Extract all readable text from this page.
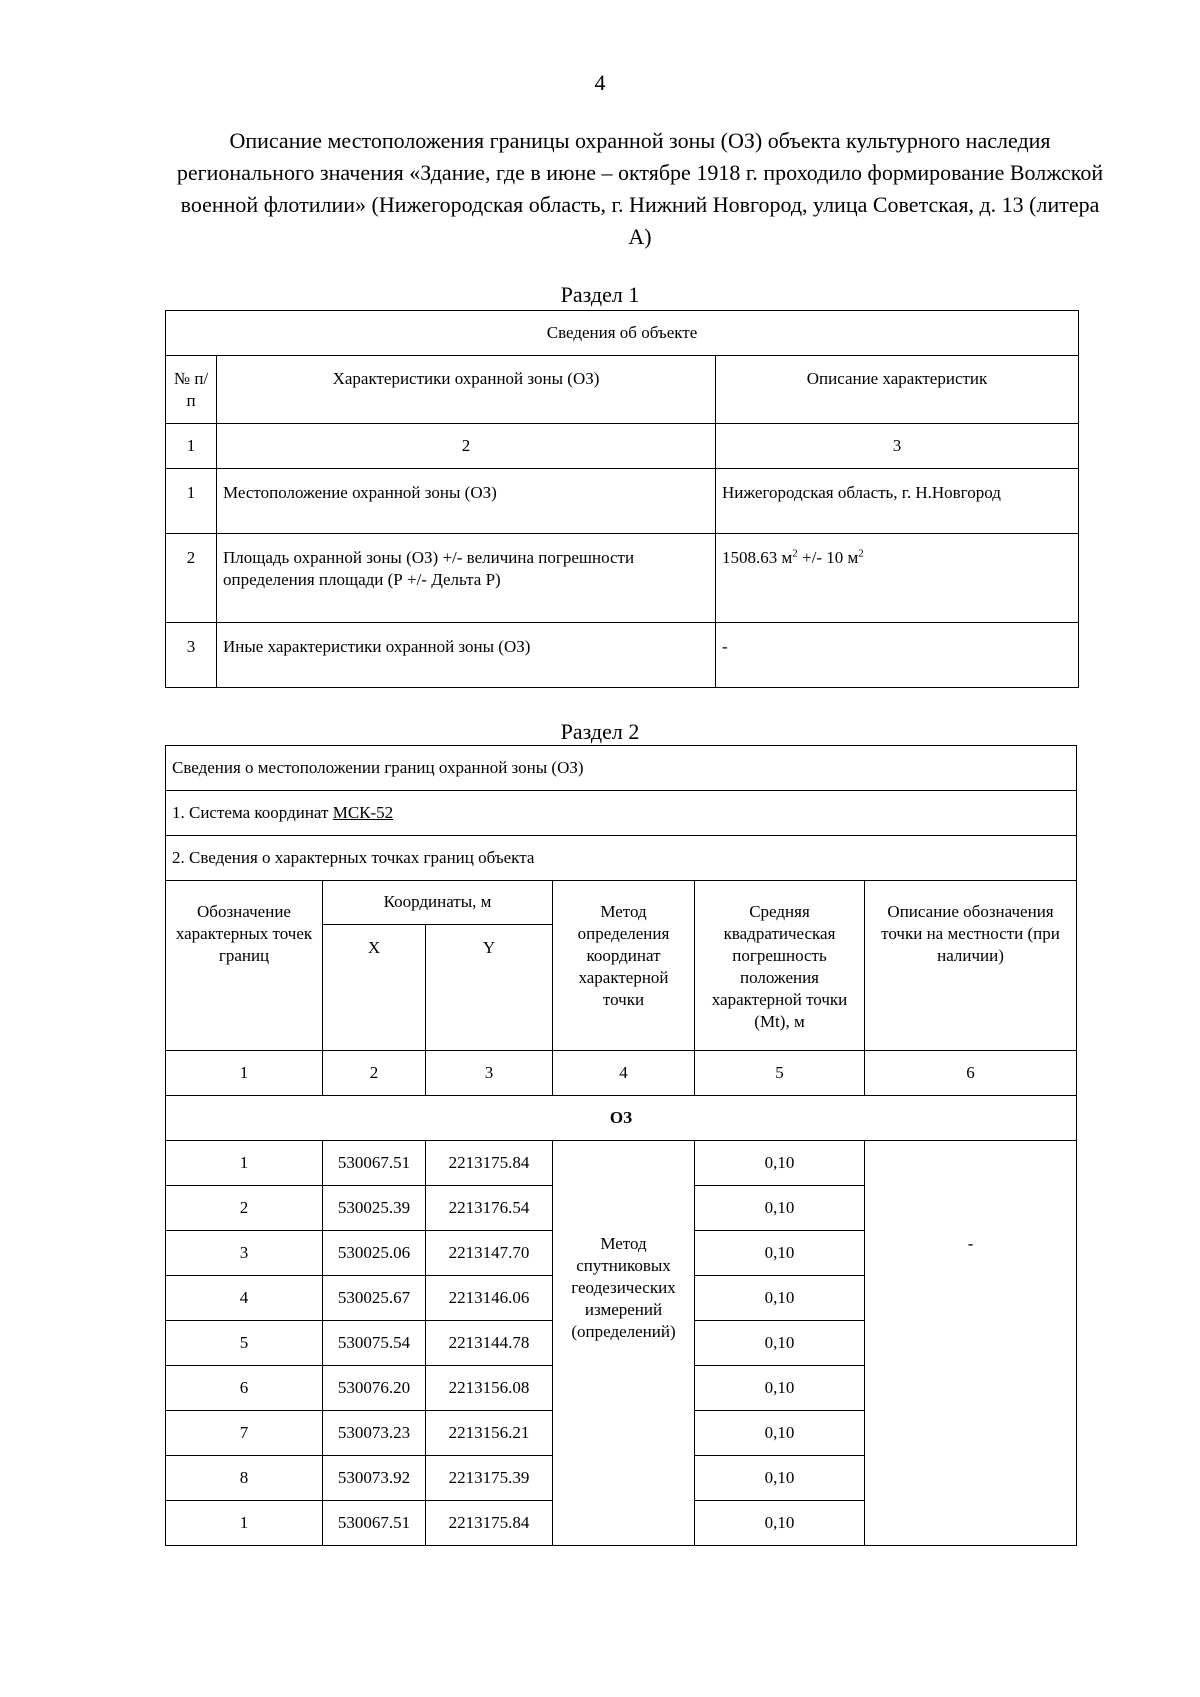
4
Описание местоположения границы охранной зоны (ОЗ) объекта культурного наследия регионального значения «Здание, где в июне – октябре 1918 г. проходило формирование Волжской военной флотилии» (Нижегородская область, г. Нижний Новгород, улица Советская, д. 13 (литера А)
Раздел 1
Сведения об объекте		
№ п/п	Характеристики охранной зоны (ОЗ)	Описание характеристик
1	2	3
1	Местоположение охранной зоны (ОЗ)	Нижегородская область, г. Н.Новгород
2	Площадь охранной зоны (ОЗ) +/- величина погрешности определения площади (Р +/- Дельта Р)	1508.63 $м^2$ +/- 10 $м^2$
3	Иные характеристики охранной зоны (ОЗ)	-
Раздел 2
Сведения о местоположении границ охранной зоны (ОЗ)					
1. Система координат МСК-52					
2. Сведения о характерных точках границ объекта					
Обозначение характерных точек границ	Координаты, м		Метод определения координат характерной точки	Средняя квадратическая погрешность положения характерной точки (Mt), м	Описание обозначения точки на местности (при наличии)
	X	Y			
1	2	3	4	5	6
ОЗ					
1	530067.51	2213175.84	Метод спутниковых геодезических измерений (определений)	0,10	-
2	530025.39	2213176.54		0,10	
3	530025.06	2213147.70		0,10	
4	530025.67	2213146.06		0,10	
5	530075.54	2213144.78		0,10	
6	530076.20	2213156.08		0,10	
7	530073.23	2213156.21		0,10	
8	530073.92	2213175.39		0,10	
1	530067.51	2213175.84		0,10	
